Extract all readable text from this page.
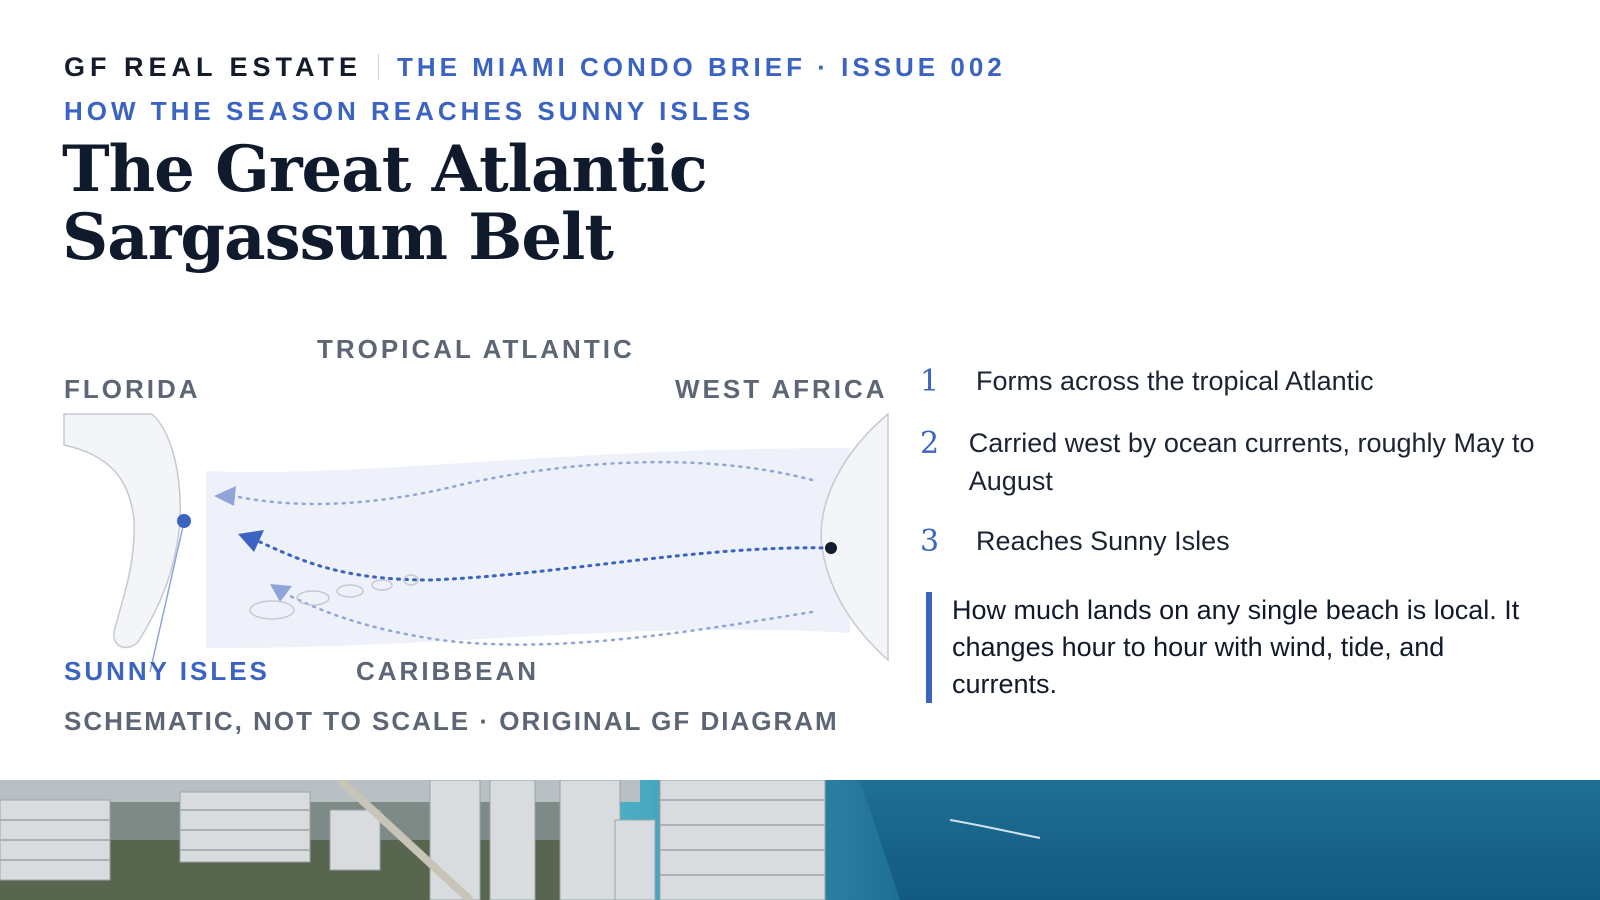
GF REAL ESTATE THE MIAMI CONDO BRIEF · ISSUE 002
HOW THE SEASON REACHES SUNNY ISLES
The Great Atlantic
Sargassum Belt
TROPICAL ATLANTIC
FLORIDA	WEST AFRICA
SUNNY ISLES	CARIBBEAN
SCHEMATIC, NOT TO SCALE · ORIGINAL GF DIAGRAM
1	Forms across the tropical Atlantic
2	Carried west by ocean currents, roughly May to August
3	Reaches Sunny Isles
How much lands on any single beach is local. It changes hour to hour with wind, tide, and currents.
